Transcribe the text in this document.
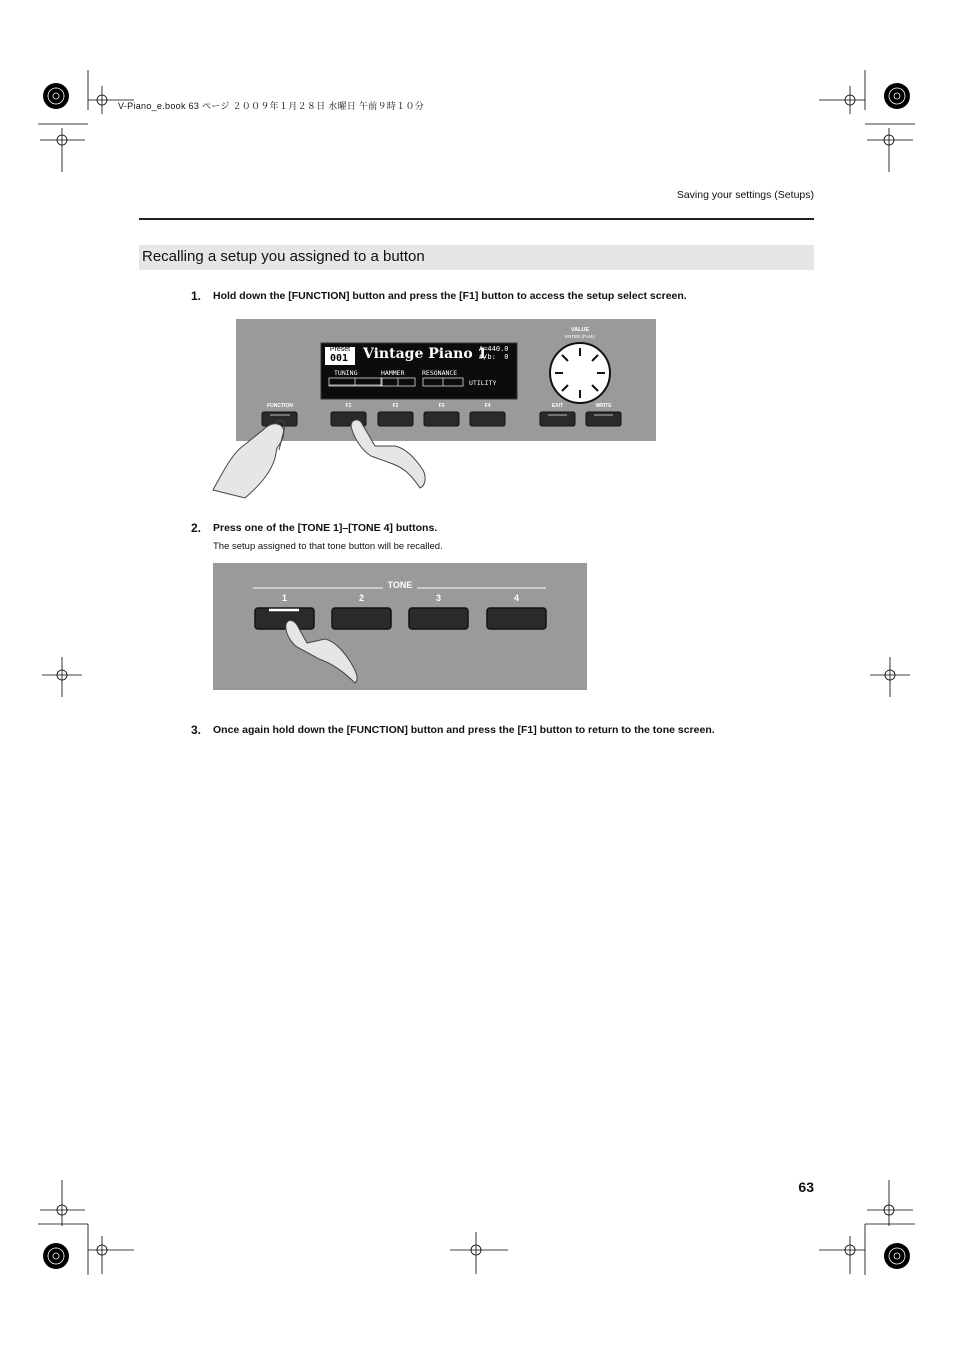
V-Piano_e.book 63 ページ ２００９年１月２８日 水曜日 午前９時１０分
Saving your settings (Setups)
Recalling a setup you assigned to a button
1. Hold down the [FUNCTION] button and press the [F1] button to access the setup select screen.
Preset
001 Vintage Piano 1
A=440.0
#/b:  0
TUNING	HAMMER	RESONANCE
UTILITY
VALUE
ENTER (Push)
FUNCTION	F1	F2	F3	F4	EXIT	WRITE
2. Press one of the [TONE 1]–[TONE 4] buttons.
The setup assigned to that tone button will be recalled.
TONE
1	2	3	4
3. Once again hold down the [FUNCTION] button and press the [F1] button to return to the tone screen.
63
